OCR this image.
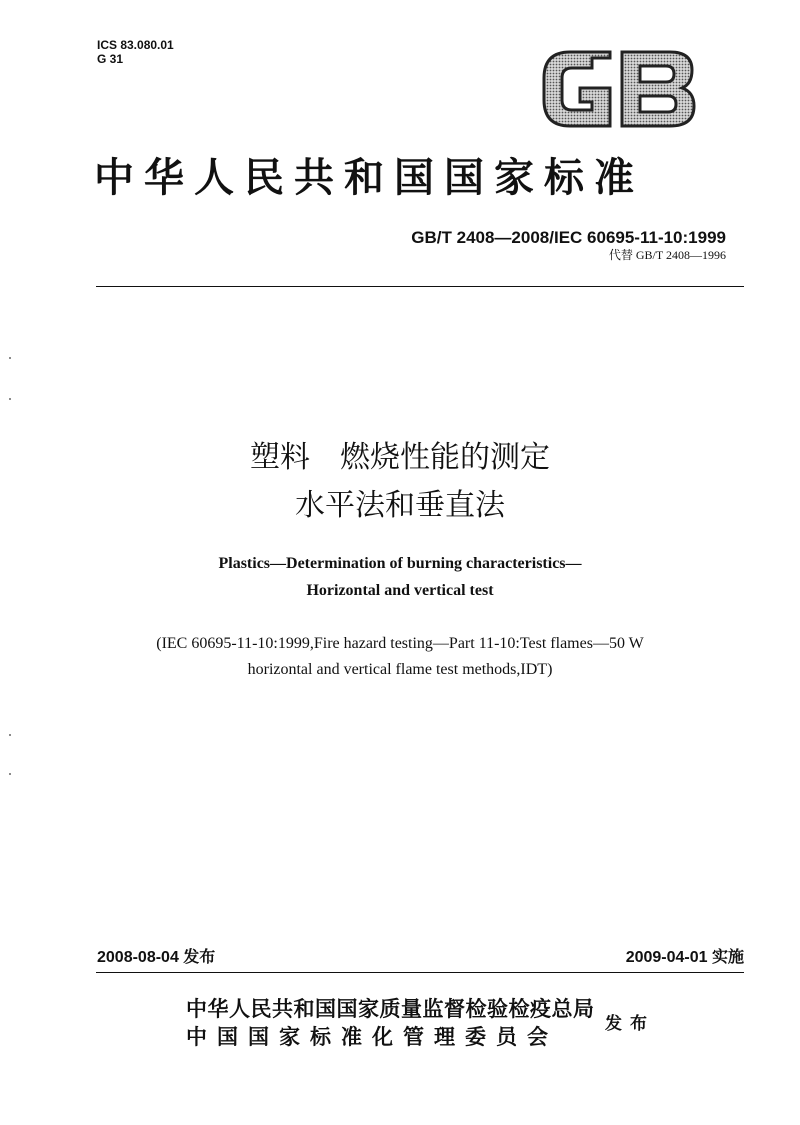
ICS 83.080.01
G 31
中华人民共和国国家标准
GB/T 2408—2008/IEC 60695-11-10:1999
代替 GB/T 2408—1996
塑料　燃烧性能的测定
水平法和垂直法
Plastics—Determination of burning characteristics—
Horizontal and vertical test
(IEC 60695-11-10:1999,Fire hazard testing—Part 11-10:Test flames—50 W
horizontal and vertical flame test methods,IDT)
2008-08-04 发布	2009-04-01 实施
中华人民共和国国家质量监督检验检疫总局
中国国家标准化管理委员会
发布
